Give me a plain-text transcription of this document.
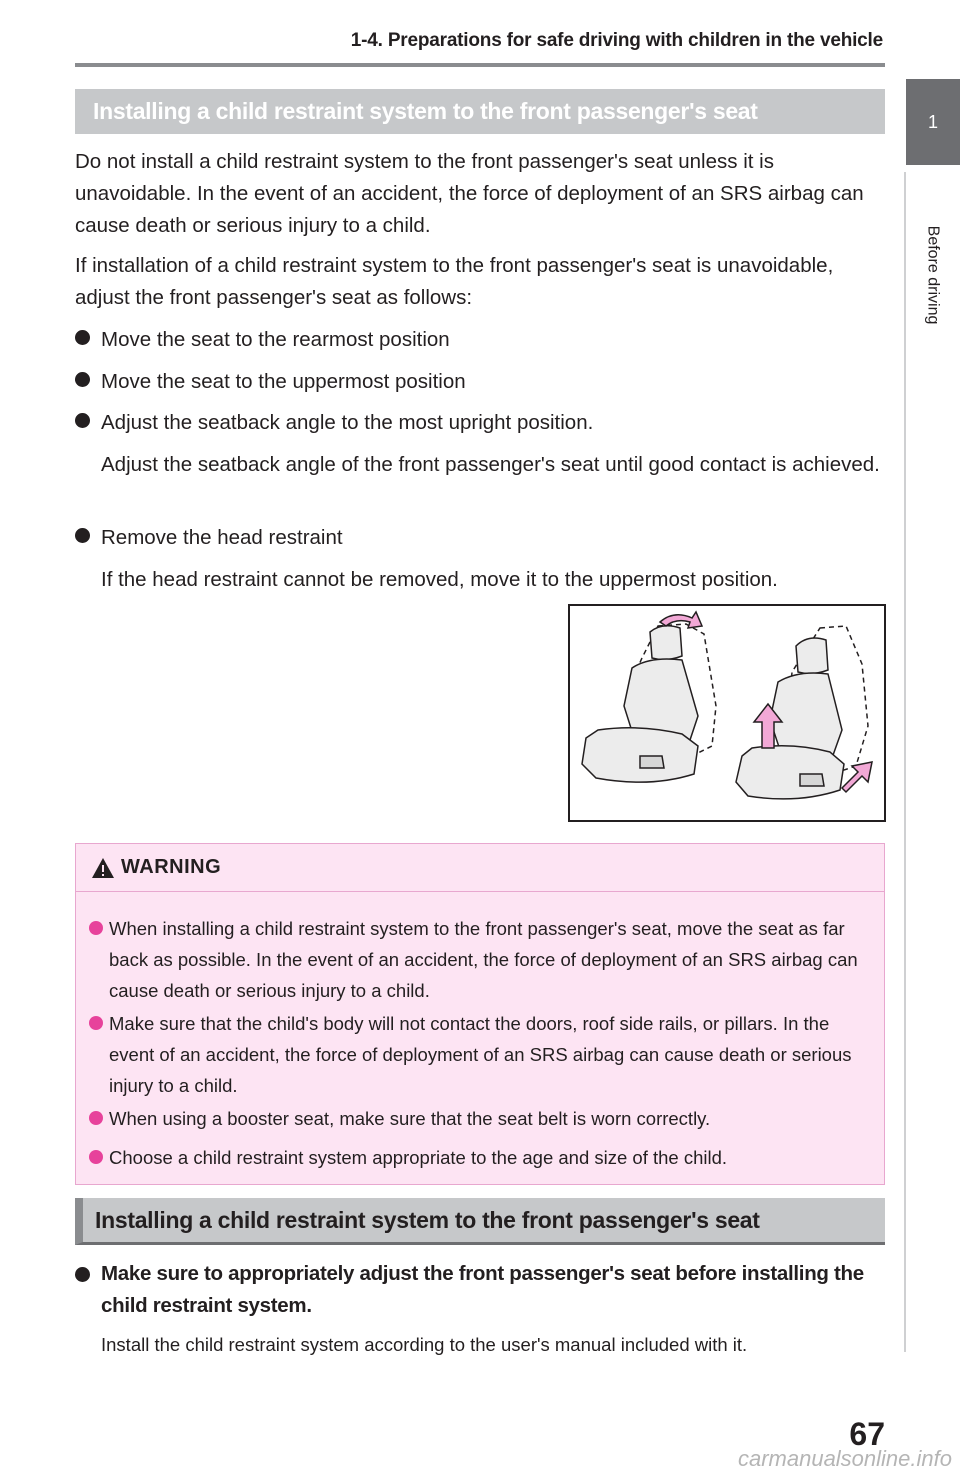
1-4. Preparations for safe driving with children in the vehicle
1
Before driving
Installing a child restraint system to the front passenger's seat

Do not install a child restraint system to the front passenger's seat unless it is unavoidable. In the event of an accident, the force of deployment of an SRS airbag can cause death or serious injury to a child.

If installation of a child restraint system to the front passenger's seat is unavoidable, adjust the front passenger's seat as follows:

Move the seat to the rearmost position
Move the seat to the uppermost position
Adjust the seatback angle to the most upright position.

Adjust the seatback angle of the front passenger's seat until good contact is achieved.

Remove the head restraint

If the head restraint cannot be removed, move it to the uppermost position.

WARNING
When installing a child restraint system to the front passenger's seat, move the seat as far back as possible. In the event of an accident, the force of deployment of an SRS airbag can cause death or serious injury to a child.
Make sure that the child's body will not contact the doors, roof side rails, or pillars. In the event of an accident, the force of deployment of an SRS airbag can cause death or serious injury to a child.
When using a booster seat, make sure that the seat belt is worn correctly.
Choose a child restraint system appropriate to the age and size of the child.
Installing a child restraint system to the front passenger's seat
Make sure to appropriately adjust the front passenger's seat before installing the child restraint system.
Install the child restraint system according to the user's manual included with it.
67
carmanualsonline.info
